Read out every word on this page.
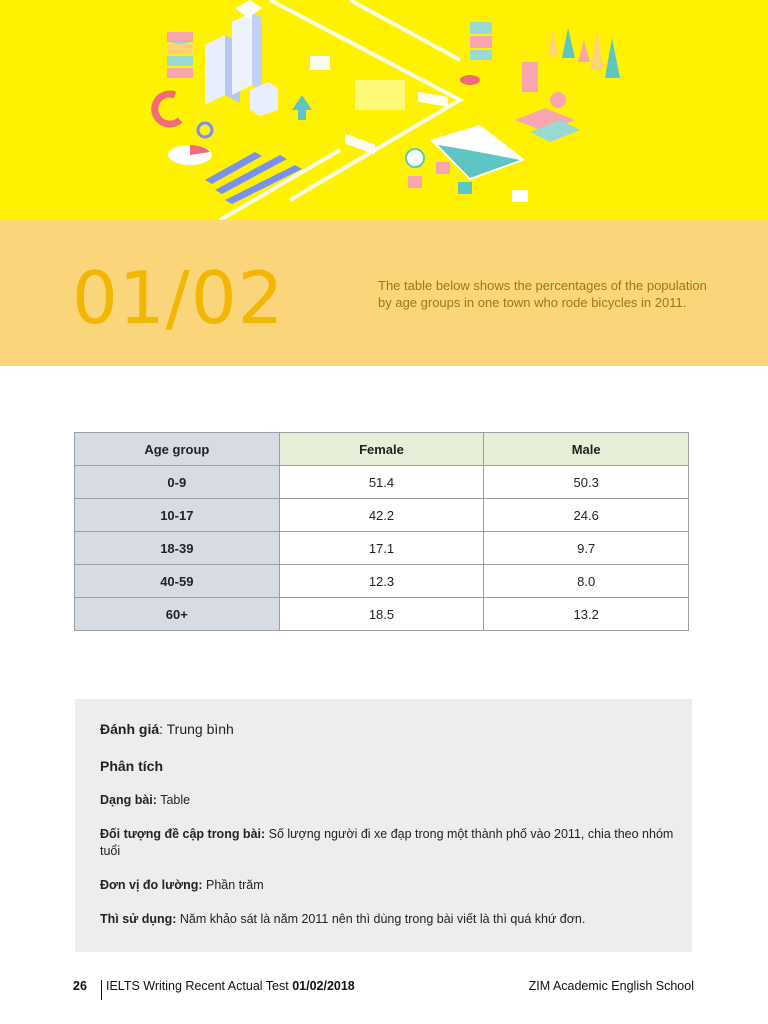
01/02	The table below shows the percentages of the population by age groups in one town who rode bicycles in 2011.
Age group	Female	Male
0-9	51.4	50.3
10-17	42.2	24.6
18-39	17.1	9.7
40-59	12.3	8.0
60+	18.5	13.2
Đánh giá: Trung bình
Phân tích
Dạng bài: Table
Đối tượng đề cập trong bài: Số lượng người đi xe đạp trong một thành phố vào 2011, chia theo nhóm tuổi
Đơn vị đo lường: Phần trăm
Thì sử dụng: Năm khảo sát là năm 2011 nên thì dùng trong bài viết là thì quá khứ đơn.
26 IELTS Writing Recent Actual Test 01/02/2018	ZIM Academic English School
